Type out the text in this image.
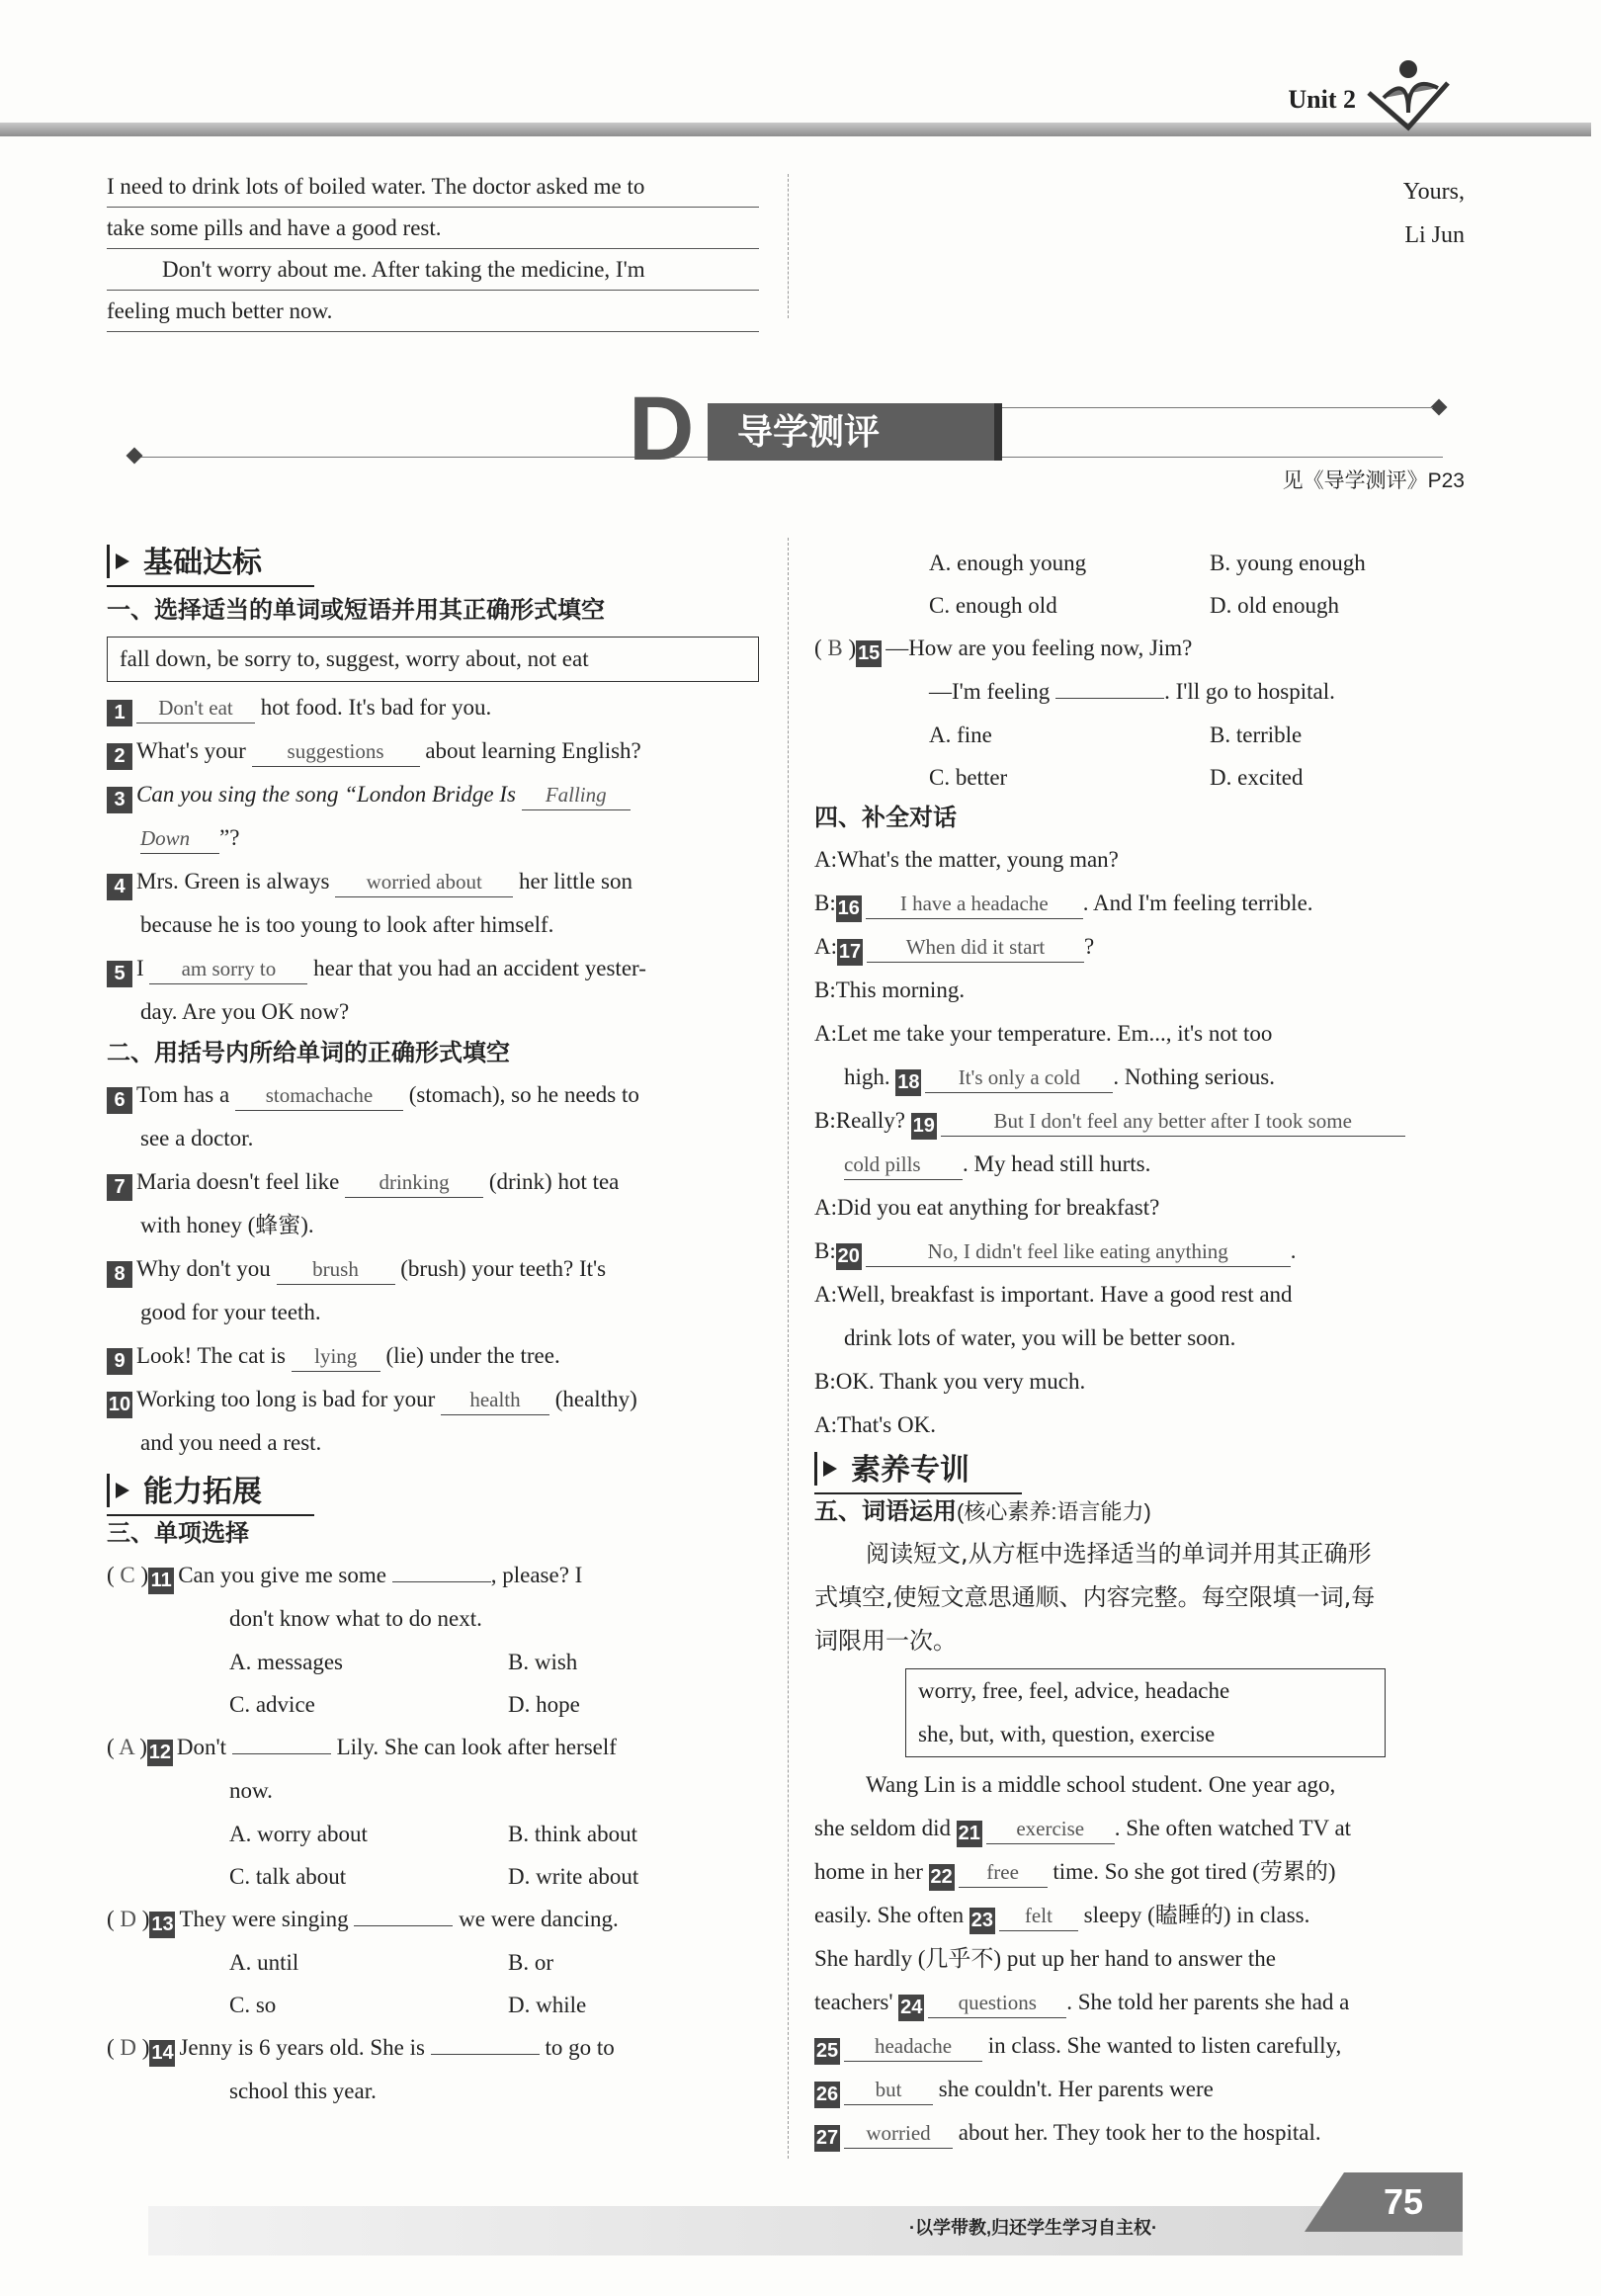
Unit 2
I need to drink lots of boiled water. The doctor asked me to
take some pills and have a good rest.
Don't worry about me. After taking the medicine, I'm
feeling much better now.
Yours,
Li Jun
D	导学测评
见《导学测评》P23
基础达标
一、选择适当的单词或短语并用其正确形式填空
fall down, be sorry to, suggest, worry about, not eat
1 Don't eat hot food. It's bad for you.
2 What's your suggestions about learning English?
3 Can you sing the song “London Bridge Is Falling
Down ”?
4 Mrs. Green is always worried about her little son
because he is too young to look after himself.
5 I am sorry to hear that you had an accident yester-
day. Are you OK now?
二、用括号内所给单词的正确形式填空
6 Tom has a stomachache (stomach), so he needs to
see a doctor.
7 Maria doesn't feel like drinking (drink) hot tea
with honey (蜂蜜).
8 Why don't you brush (brush) your teeth? It's
good for your teeth.
9 Look! The cat is lying (lie) under the tree.
10 Working too long is bad for your health (healthy)
and you need a rest.
能力拓展
三、单项选择
( C ) 11 Can you give me some	, please? I
don't know what to do next.
A. messages	B. wish
C. advice	D. hope
( A )12 Don't	Lily. She can look after herself
now.
A. worry about	B. think about
C. talk about	D. write about
( D )13 They were singing	we were dancing.
A. until	B. or
C. so	D. while
( D )14 Jenny is 6 years old. She is	to go to
school this year.
A. enough young	B. young enough
C. enough old	D. old enough
( B )15 —How are you feeling now, Jim?
—I'm feeling	. I'll go to hospital.
A. fine	B. terrible
C. better	D. excited
四、补全对话
A:What's the matter, young man?
B:16 I have a headache . And I'm feeling terrible.
A:17 When did it start ?
B:This morning.
A:Let me take your temperature. Em..., it's not too
high. 18 It's only a cold . Nothing serious.
B:Really? 19	But I don't feel any better after I took some
cold pills . My head still hurts.
A:Did you eat anything for breakfast?
B:20	No, I didn't feel like eating anything	.
A:Well, breakfast is important. Have a good rest and
drink lots of water, you will be better soon.
B:OK. Thank you very much.
A:That's OK.
素养专训
五、词语运用(核心素养:语言能力)
阅读短文,从方框中选择适当的单词并用其正确形
式填空,使短文意思通顺、内容完整。每空限填一词,每
词限用一次。
worry, free, feel, advice, headache
she, but, with, question, exercise
Wang Lin is a middle school student. One year ago,
she seldom did 21 exercise . She often watched TV at
home in her 22 free time. So she got tired (劳累的)
easily. She often 23 felt sleepy (瞌睡的) in class.
She hardly (几乎不) put up her hand to answer the
teachers' 24 questions . She told her parents she had a
25 headache in class. She wanted to listen carefully,
26 but she couldn't. Her parents were
27 worried about her. They took her to the hospital.
·以学带教,归还学生学习自主权·
75
